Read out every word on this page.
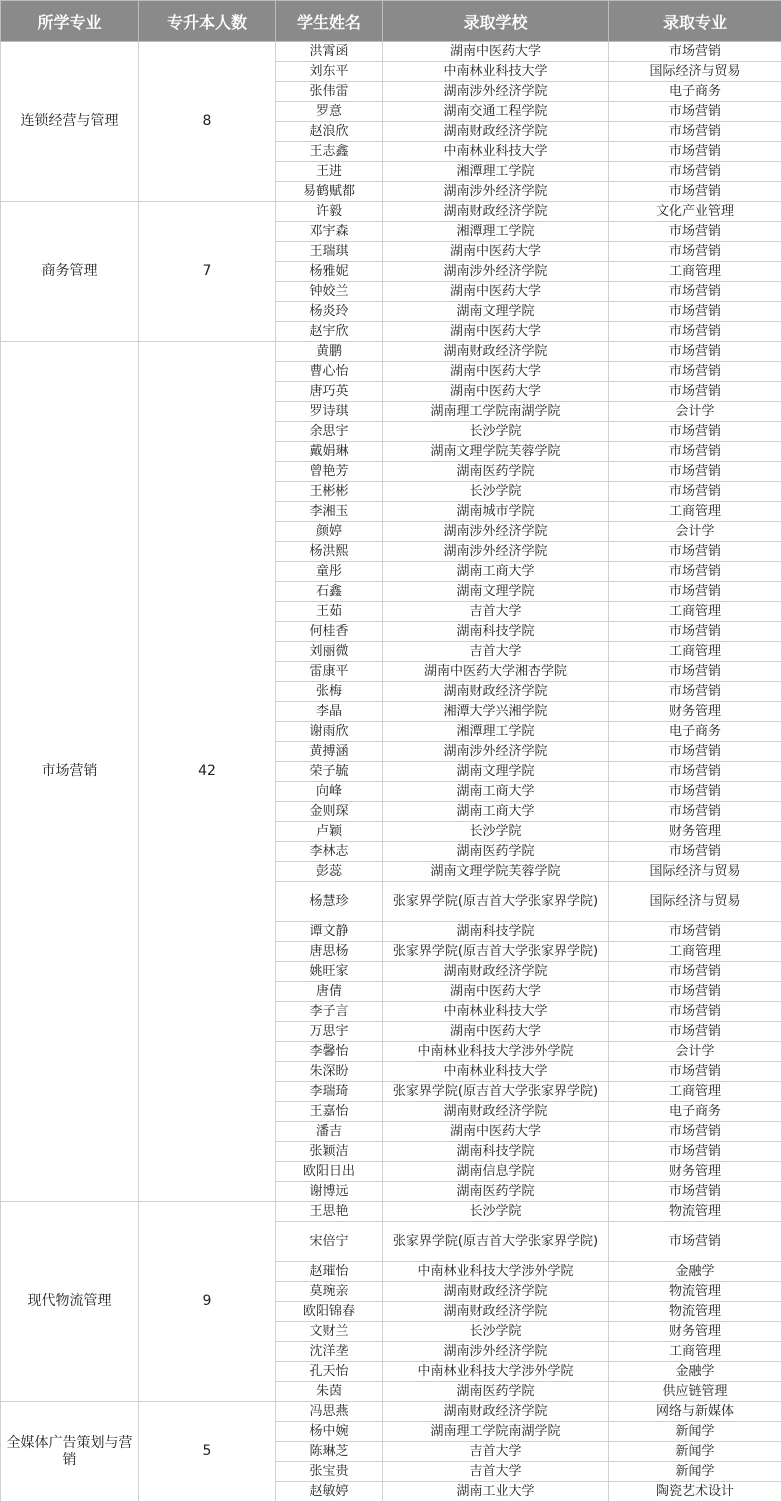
所学专业	专升本人数	学生姓名	录取学校	录取专业
连锁经营与管理	8	洪霄函	湖南中医药大学	市场营销
		刘东平	中南林业科技大学	国际经济与贸易
		张伟雷	湖南涉外经济学院	电子商务
		罗意	湖南交通工程学院	市场营销
		赵浪欣	湖南财政经济学院	市场营销
		王志鑫	中南林业科技大学	市场营销
		王进	湘潭理工学院	市场营销
		易鹤赋都	湖南涉外经济学院	市场营销
商务管理	7	许毅	湖南财政经济学院	文化产业管理
		邓宇森	湘潭理工学院	市场营销
		王瑞琪	湖南中医药大学	市场营销
		杨雅妮	湖南涉外经济学院	工商管理
		钟姣兰	湖南中医药大学	市场营销
		杨炎玲	湖南文理学院	市场营销
		赵宇欣	湖南中医药大学	市场营销
市场营销	42	黄鹏	湖南财政经济学院	市场营销
		曹心怡	湖南中医药大学	市场营销
		唐巧英	湖南中医药大学	市场营销
		罗诗琪	湖南理工学院南湖学院	会计学
		余思宇	长沙学院	市场营销
		戴娟琳	湖南文理学院芙蓉学院	市场营销
		曾艳芳	湖南医药学院	市场营销
		王彬彬	长沙学院	市场营销
		李湘玉	湖南城市学院	工商管理
		颜婷	湖南涉外经济学院	会计学
		杨洪熙	湖南涉外经济学院	市场营销
		童彤	湖南工商大学	市场营销
		石鑫	湖南文理学院	市场营销
		王茹	吉首大学	工商管理
		何桂香	湖南科技学院	市场营销
		刘丽微	吉首大学	工商管理
		雷康平	湖南中医药大学湘杏学院	市场营销
		张梅	湖南财政经济学院	市场营销
		李晶	湘潭大学兴湘学院	财务管理
		谢雨欣	湘潭理工学院	电子商务
		黄搏涵	湖南涉外经济学院	市场营销
		荣子毓	湖南文理学院	市场营销
		向峰	湖南工商大学	市场营销
		金则琛	湖南工商大学	市场营销
		卢颖	长沙学院	财务管理
		李林志	湖南医药学院	市场营销
		彭蕊	湖南文理学院芙蓉学院	国际经济与贸易
		杨慧珍	张家界学院(原吉首大学张家界学院)	国际经济与贸易
		谭文静	湖南科技学院	市场营销
		唐思杨	张家界学院(原吉首大学张家界学院)	工商管理
		姚旺家	湖南财政经济学院	市场营销
		唐倩	湖南中医药大学	市场营销
		李子言	中南林业科技大学	市场营销
		万思宇	湖南中医药大学	市场营销
		李馨怡	中南林业科技大学涉外学院	会计学
		朱深盼	中南林业科技大学	市场营销
		李瑞琦	张家界学院(原吉首大学张家界学院)	工商管理
		王嘉怡	湖南财政经济学院	电子商务
		潘吉	湖南中医药大学	市场营销
		张颖洁	湖南科技学院	市场营销
		欧阳日出	湖南信息学院	财务管理
		谢博远	湖南医药学院	市场营销
现代物流管理	9	王思艳	长沙学院	物流管理
		宋倍宁	张家界学院(原吉首大学张家界学院)	市场营销
		赵璀怡	中南林业科技大学涉外学院	金融学
		莫琬亲	湖南财政经济学院	物流管理
		欧阳锦春	湖南财政经济学院	物流管理
		文财兰	长沙学院	财务管理
		沈洋垄	湖南涉外经济学院	工商管理
		孔天怡	中南林业科技大学涉外学院	金融学
		朱茵	湖南医药学院	供应链管理
全媒体广告策划与营销	5	冯思燕	湖南财政经济学院	网络与新媒体
		杨中婉	湖南理工学院南湖学院	新闻学
		陈琳芝	吉首大学	新闻学
		张宝贵	吉首大学	新闻学
		赵敏婷	湖南工业大学	陶瓷艺术设计
